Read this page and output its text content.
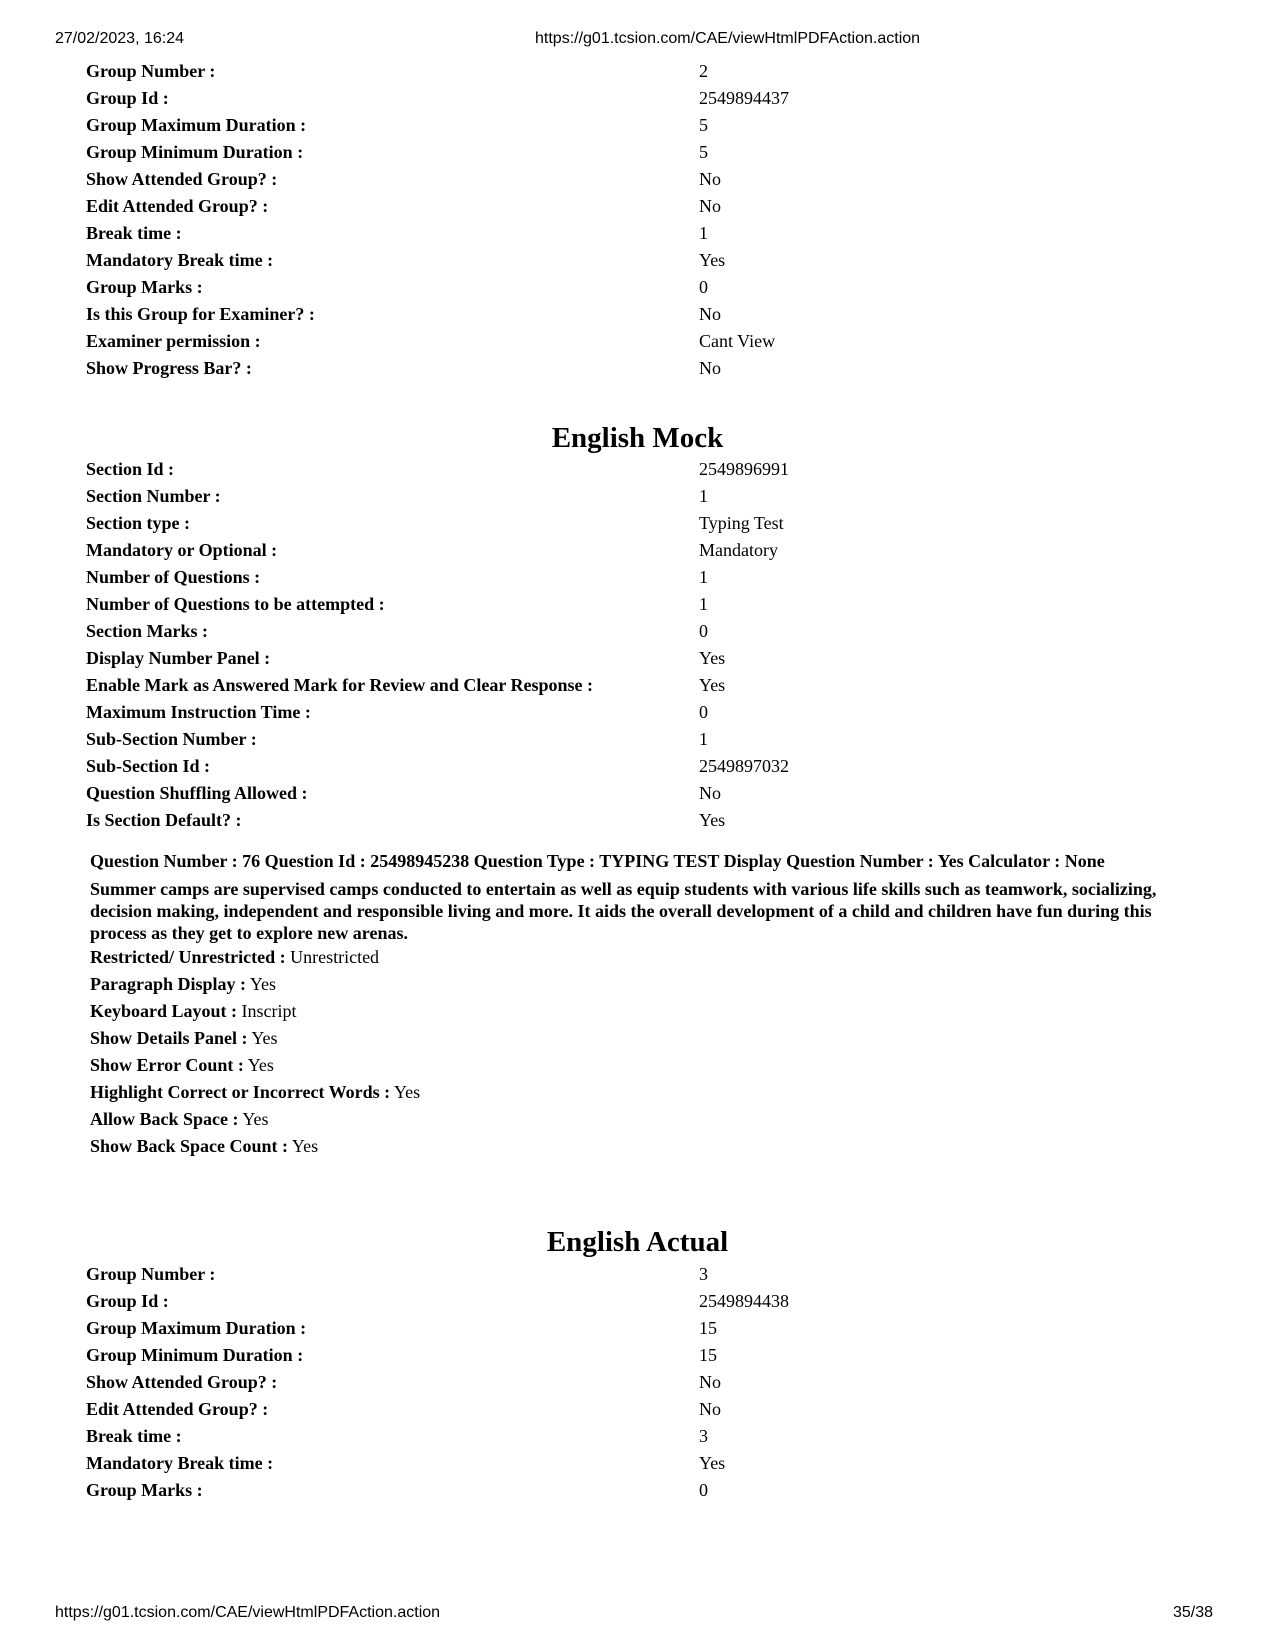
27/02/2023, 16:24	https://g01.tcsion.com/CAE/viewHtmlPDFAction.action
Group Number :	2
Group Id :	2549894437
Group Maximum Duration :	5
Group Minimum Duration :	5
Show Attended Group? :	No
Edit Attended Group? :	No
Break time :	1
Mandatory Break time :	Yes
Group Marks :	0
Is this Group for Examiner? :	No
Examiner permission :	Cant View
Show Progress Bar? :	No
English Mock
Section Id :	2549896991
Section Number :	1
Section type :	Typing Test
Mandatory or Optional :	Mandatory
Number of Questions :	1
Number of Questions to be attempted :	1
Section Marks :	0
Display Number Panel :	Yes
Enable Mark as Answered Mark for Review and Clear Response :	Yes
Maximum Instruction Time :	0
Sub-Section Number :	1
Sub-Section Id :	2549897032
Question Shuffling Allowed :	No
Is Section Default? :	Yes
Question Number : 76 Question Id : 25498945238 Question Type : TYPING TEST Display Question Number : Yes Calculator : None
Summer camps are supervised camps conducted to entertain as well as equip students with various life skills such as teamwork, socializing, decision making, independent and responsible living and more. It aids the overall development of a child and children have fun during this process as they get to explore new arenas.
Restricted/ Unrestricted : Unrestricted
Paragraph Display : Yes
Keyboard Layout : Inscript
Show Details Panel : Yes
Show Error Count : Yes
Highlight Correct or Incorrect Words : Yes
Allow Back Space : Yes
Show Back Space Count : Yes
English Actual
Group Number :	3
Group Id :	2549894438
Group Maximum Duration :	15
Group Minimum Duration :	15
Show Attended Group? :	No
Edit Attended Group? :	No
Break time :	3
Mandatory Break time :	Yes
Group Marks :	0
https://g01.tcsion.com/CAE/viewHtmlPDFAction.action	35/38
